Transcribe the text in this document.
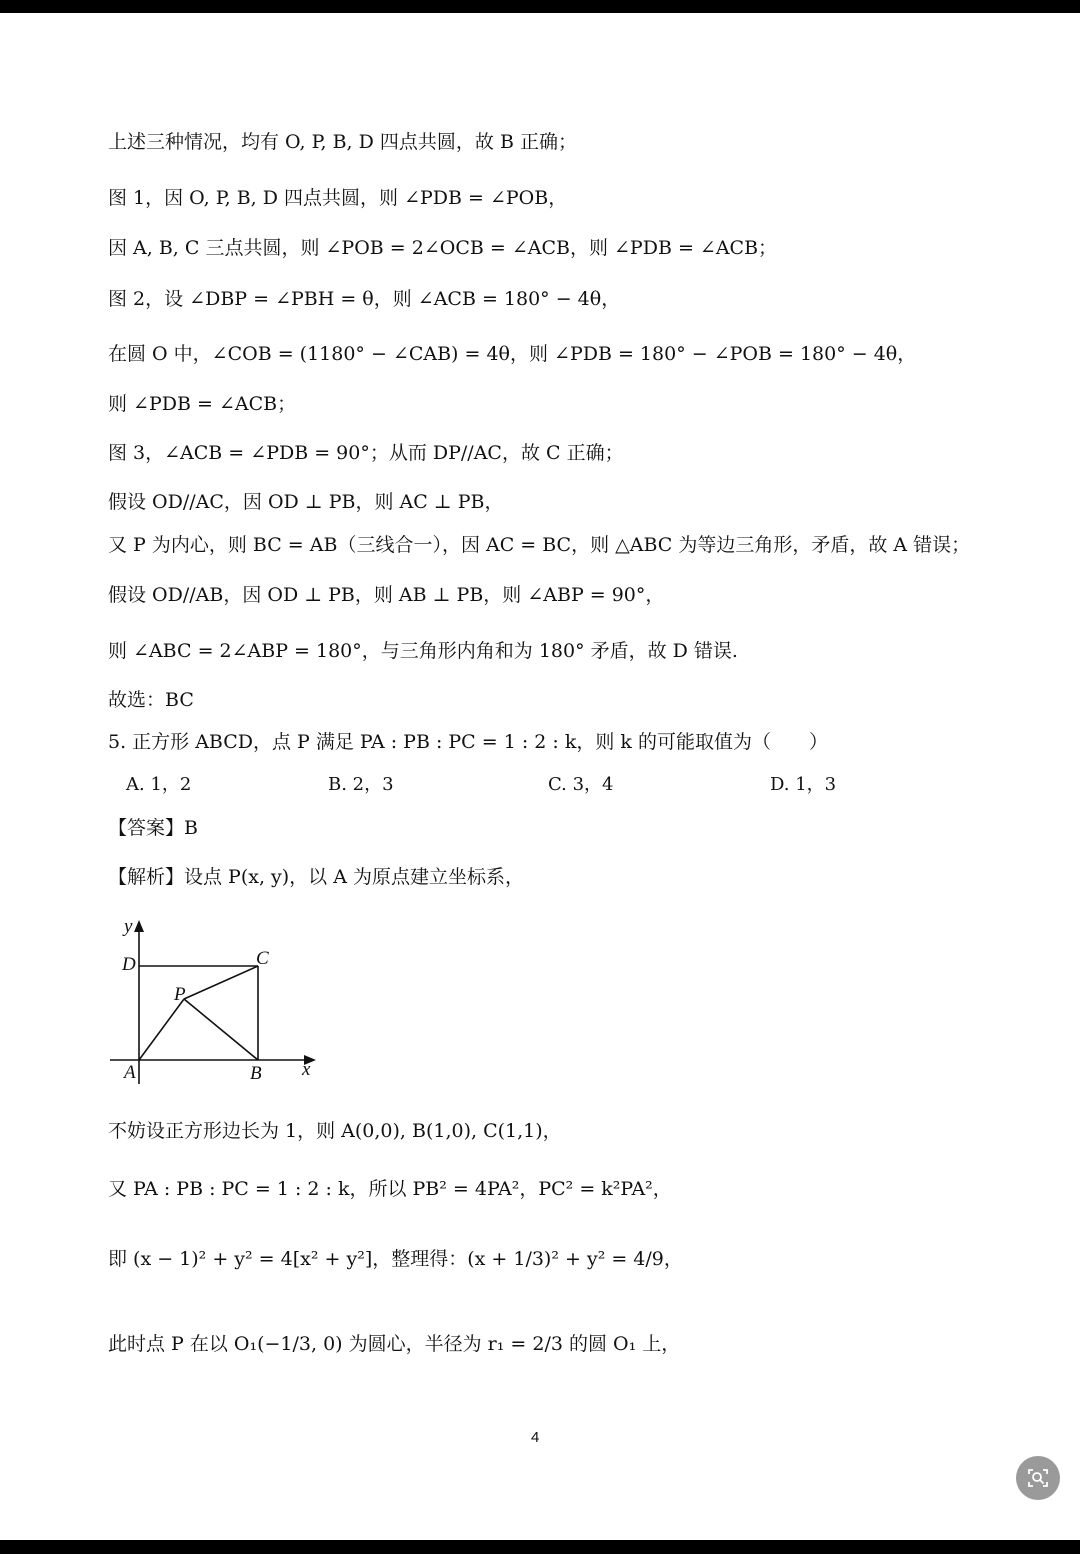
上述三种情况，均有 O, P, B, D 四点共圆，故 B 正确；
图 1，因 O, P, B, D 四点共圆，则 ∠PDB = ∠POB，
因 A, B, C 三点共圆，则 ∠POB = 2∠OCB = ∠ACB，则 ∠PDB = ∠ACB；
图 2，设 ∠DBP = ∠PBH = θ，则 ∠ACB = 180° − 4θ，
在圆 O 中，∠COB = (1180° − ∠CAB) = 4θ，则 ∠PDB = 180° − ∠POB = 180° − 4θ，
则 ∠PDB = ∠ACB；
图 3，∠ACB = ∠PDB = 90°；从而 DP//AC，故 C 正确；
假设 OD//AC，因 OD ⊥ PB，则 AC ⊥ PB，
又 P 为内心，则 BC = AB（三线合一），因 AC = BC，则 △ABC 为等边三角形，矛盾，故 A 错误；
假设 OD//AB，因 OD ⊥ PB，则 AB ⊥ PB，则 ∠ABP = 90°，
则 ∠ABC = 2∠ABP = 180°，与三角形内角和为 180° 矛盾，故 D 错误.
故选：BC
5. 正方形 ABCD，点 P 满足 PA : PB : PC = 1 : 2 : k，则 k 的可能取值为（　　）
A. 1，2	B. 2，3	C. 3，4	D. 1，3
【答案】B
【解析】设点 P(x, y)，以 A 为原点建立坐标系，
y
D	C
P
A	B x
不妨设正方形边长为 1，则 A(0,0), B(1,0), C(1,1)，
又 PA : PB : PC = 1 : 2 : k，所以 PB² = 4PA²，PC² = k²PA²，
即 (x − 1)² + y² = 4[x² + y²]，整理得：(x + 1/3)² + y² = 4/9，
此时点 P 在以 O₁(−1/3, 0) 为圆心，半径为 r₁ = 2/3 的圆 O₁ 上，
4
